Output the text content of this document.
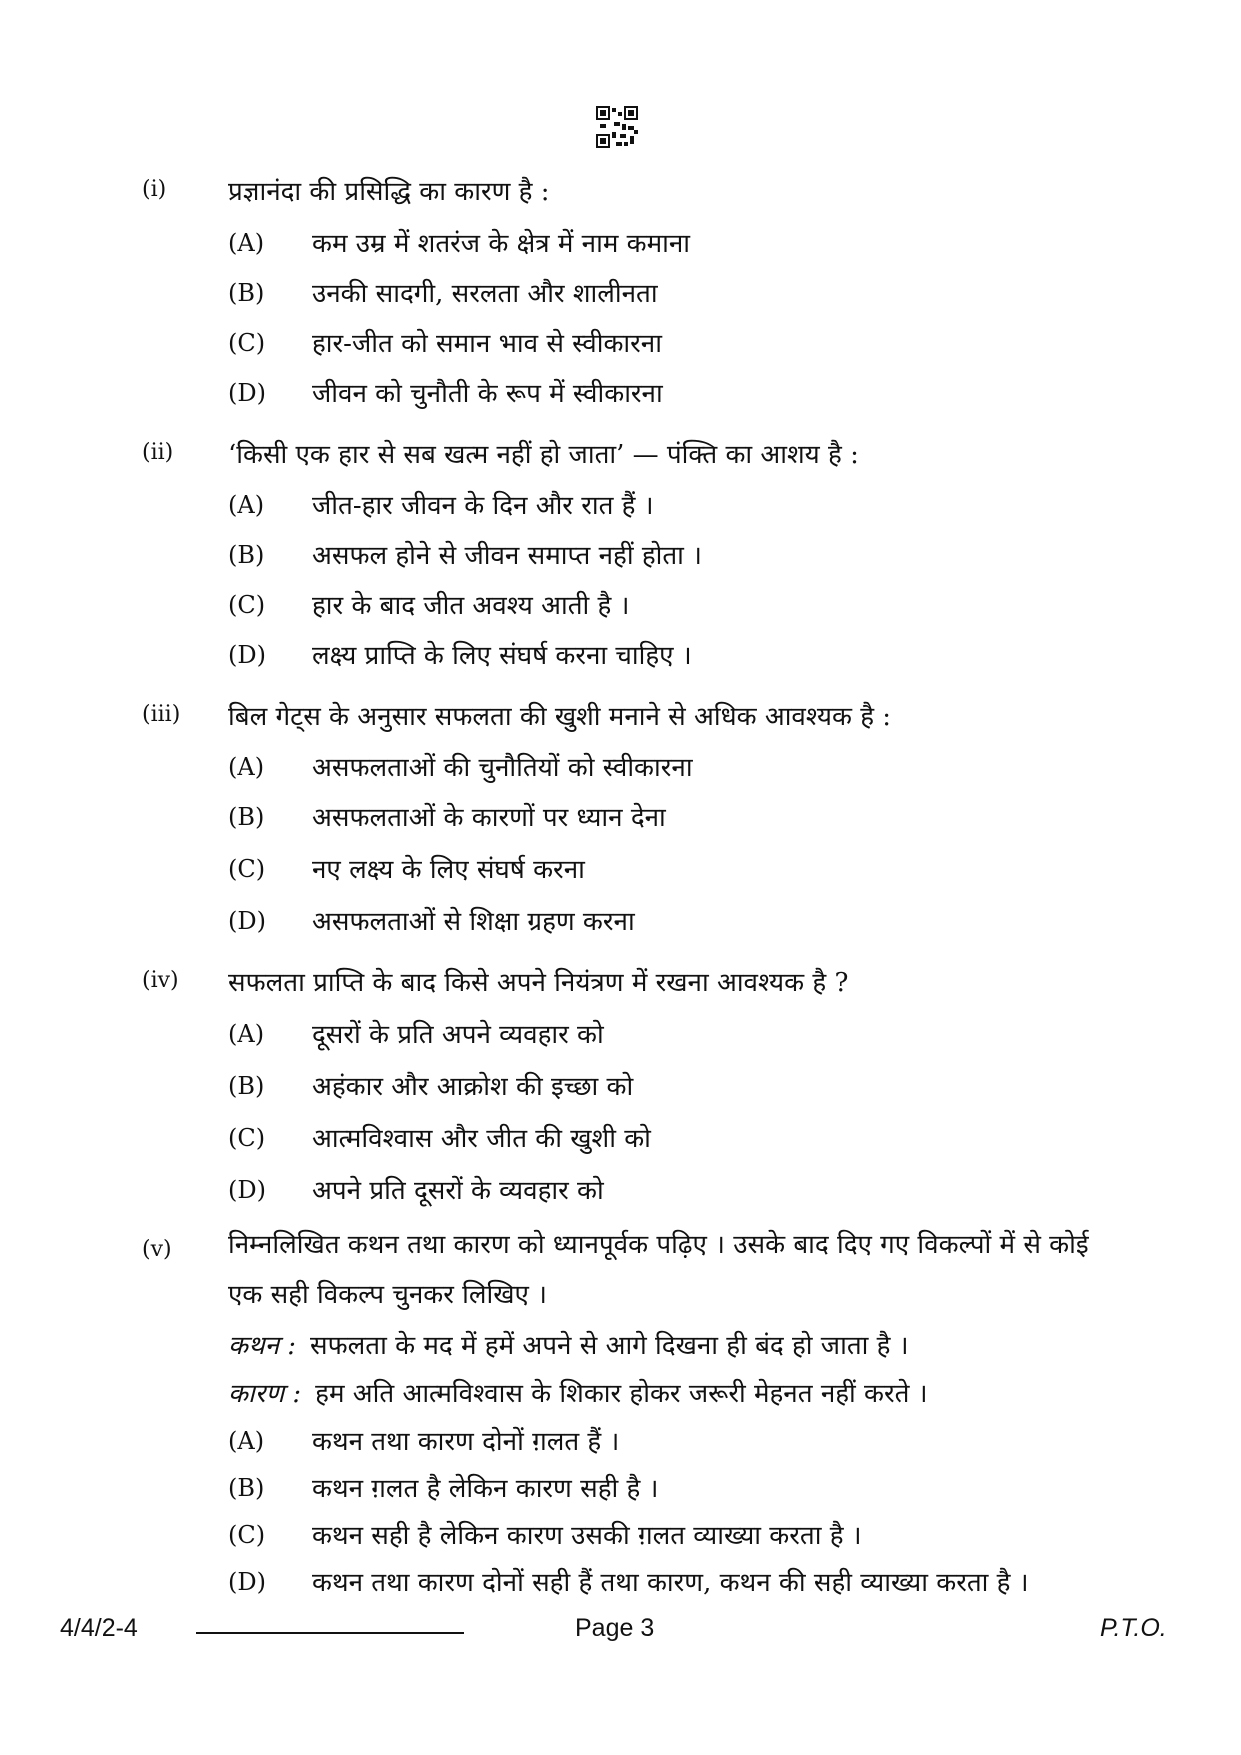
(i) प्रज्ञानंदा की प्रसिद्धि का कारण है :
(A) कम उम्र में शतरंज के क्षेत्र में नाम कमाना
(B) उनकी सादगी, सरलता और शालीनता
(C) हार-जीत को समान भाव से स्वीकारना
(D) जीवन को चुनौती के रूप में स्वीकारना
(ii) ‘किसी एक हार से सब खत्म नहीं हो जाता’ — पंक्ति का आशय है :
(A) जीत-हार जीवन के दिन और रात हैं ।
(B) असफल होने से जीवन समाप्त नहीं होता ।
(C) हार के बाद जीत अवश्य आती है ।
(D) लक्ष्य प्राप्ति के लिए संघर्ष करना चाहिए ।
(iii) बिल गेट्स के अनुसार सफलता की खुशी मनाने से अधिक आवश्यक है :
(A) असफलताओं की चुनौतियों को स्वीकारना
(B) असफलताओं के कारणों पर ध्यान देना
(C) नए लक्ष्य के लिए संघर्ष करना
(D) असफलताओं से शिक्षा ग्रहण करना
(iv) सफलता प्राप्ति के बाद किसे अपने नियंत्रण में रखना आवश्यक है ?
(A) दूसरों के प्रति अपने व्यवहार को
(B) अहंकार और आक्रोश की इच्छा को
(C) आत्मविश्वास और जीत की खुशी को
(D) अपने प्रति दूसरों के व्यवहार को
(v) निम्नलिखित कथन तथा कारण को ध्यानपूर्वक पढ़िए । उसके बाद दिए गए विकल्पों में से कोई एक सही विकल्प चुनकर लिखिए ।
कथन : सफलता के मद में हमें अपने से आगे दिखना ही बंद हो जाता है ।
कारण : हम अति आत्मविश्वास के शिकार होकर जरूरी मेहनत नहीं करते ।
(A) कथन तथा कारण दोनों ग़लत हैं ।
(B) कथन ग़लत है लेकिन कारण सही है ।
(C) कथन सही है लेकिन कारण उसकी ग़लत व्याख्या करता है ।
(D) कथन तथा कारण दोनों सही हैं तथा कारण, कथन की सही व्याख्या करता है ।
4/4/2-4	Page 3	P.T.O.
